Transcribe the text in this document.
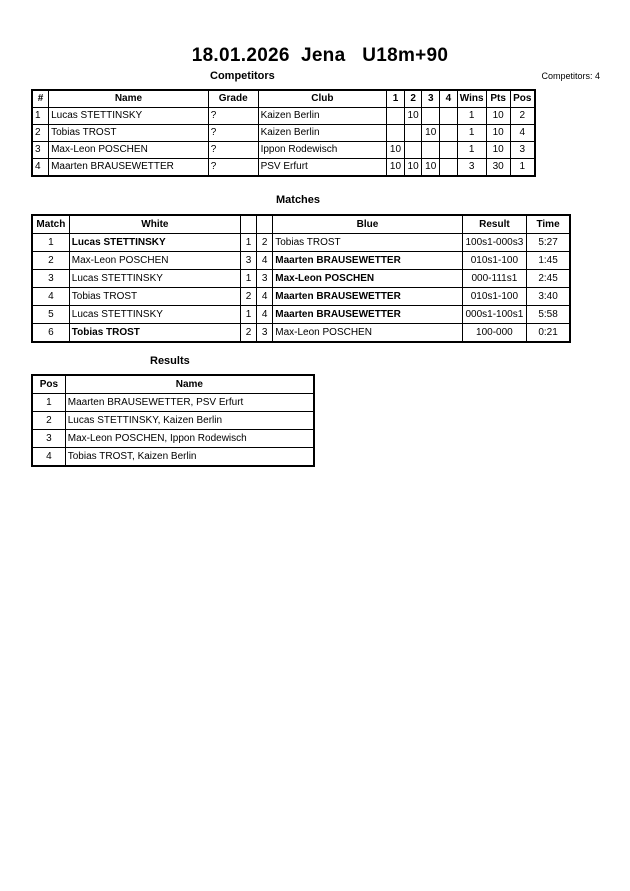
18.01.2026  Jena   U18m+90
Competitors	Competitors: 4
#	Name	Grade	Club	1	2	3	4	Wins	Pts	Pos
1	Lucas STETTINSKY	?	Kaizen Berlin		10			1	10	2
2	Tobias TROST	?	Kaizen Berlin			10		1	10	4
3	Max-Leon POSCHEN	?	Ippon Rodewisch	10				1	10	3
4	Maarten BRAUSEWETTER	?	PSV Erfurt	10	10	10		3	30	1
Matches
Match	White			Blue	Result	Time
1	Lucas STETTINSKY	1	2	Tobias TROST	100s1-000s3	5:27
2	Max-Leon POSCHEN	3	4	Maarten BRAUSEWETTER	010s1-100	1:45
3	Lucas STETTINSKY	1	3	Max-Leon POSCHEN	000-111s1	2:45
4	Tobias TROST	2	4	Maarten BRAUSEWETTER	010s1-100	3:40
5	Lucas STETTINSKY	1	4	Maarten BRAUSEWETTER	000s1-100s1	5:58
6	Tobias TROST	2	3	Max-Leon POSCHEN	100-000	0:21
Results
Pos	Name
1	Maarten BRAUSEWETTER, PSV Erfurt
2	Lucas STETTINSKY, Kaizen Berlin
3	Max-Leon POSCHEN, Ippon Rodewisch
4	Tobias TROST, Kaizen Berlin
